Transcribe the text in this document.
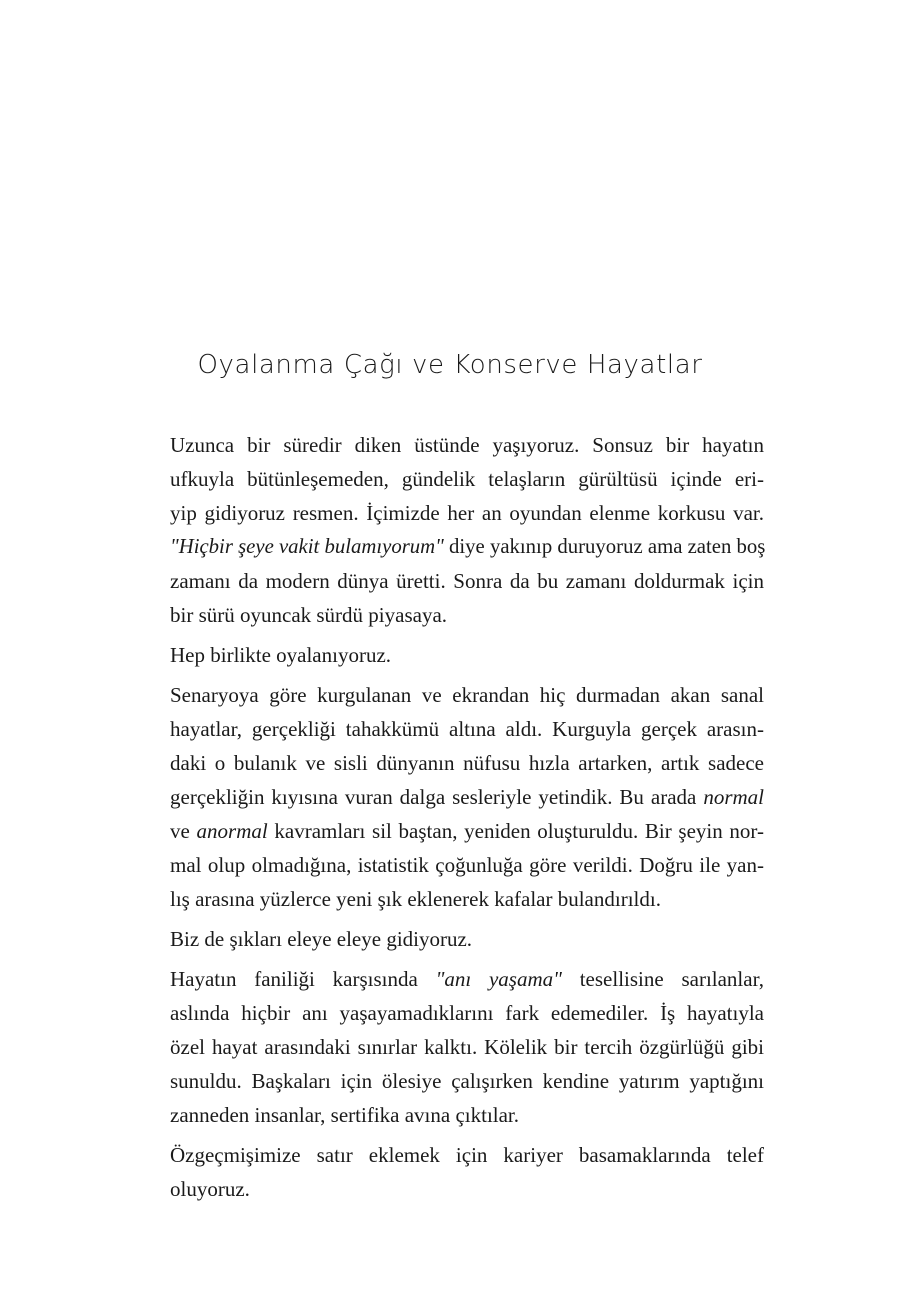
Oyalanma Çağı ve Konserve Hayatlar
Uzunca bir süredir diken üstünde yaşıyoruz. Sonsuz bir hayatın
ufkuyla bütünleşemeden, gündelik telaşların gürültüsü içinde eri-
yip gidiyoruz resmen. İçimizde her an oyundan elenme korkusu var.
"Hiçbir şeye vakit bulamıyorum" diye yakınıp duruyoruz ama zaten boş
zamanı da modern dünya üretti. Sonra da bu zamanı doldurmak için
bir sürü oyuncak sürdü piyasaya.
Hep birlikte oyalanıyoruz.
Senaryoya göre kurgulanan ve ekrandan hiç durmadan akan sanal
hayatlar, gerçekliği tahakkümü altına aldı. Kurguyla gerçek arasın-
daki o bulanık ve sisli dünyanın nüfusu hızla artarken, artık sadece
gerçekliğin kıyısına vuran dalga sesleriyle yetindik. Bu arada normal
ve anormal kavramları sil baştan, yeniden oluşturuldu. Bir şeyin nor-
mal olup olmadığına, istatistik çoğunluğa göre verildi. Doğru ile yan-
lış arasına yüzlerce yeni şık eklenerek kafalar bulandırıldı.
Biz de şıkları eleye eleye gidiyoruz.
Hayatın faniliği karşısında "anı yaşama" tesellisine sarılanlar,
aslında hiçbir anı yaşayamadıklarını fark edemediler. İş hayatıyla
özel hayat arasındaki sınırlar kalktı. Kölelik bir tercih özgürlüğü gibi
sunuldu. Başkaları için ölesiye çalışırken kendine yatırım yaptığını
zanneden insanlar, sertifika avına çıktılar.
Özgeçmişimize satır eklemek için kariyer basamaklarında telef
oluyoruz.
